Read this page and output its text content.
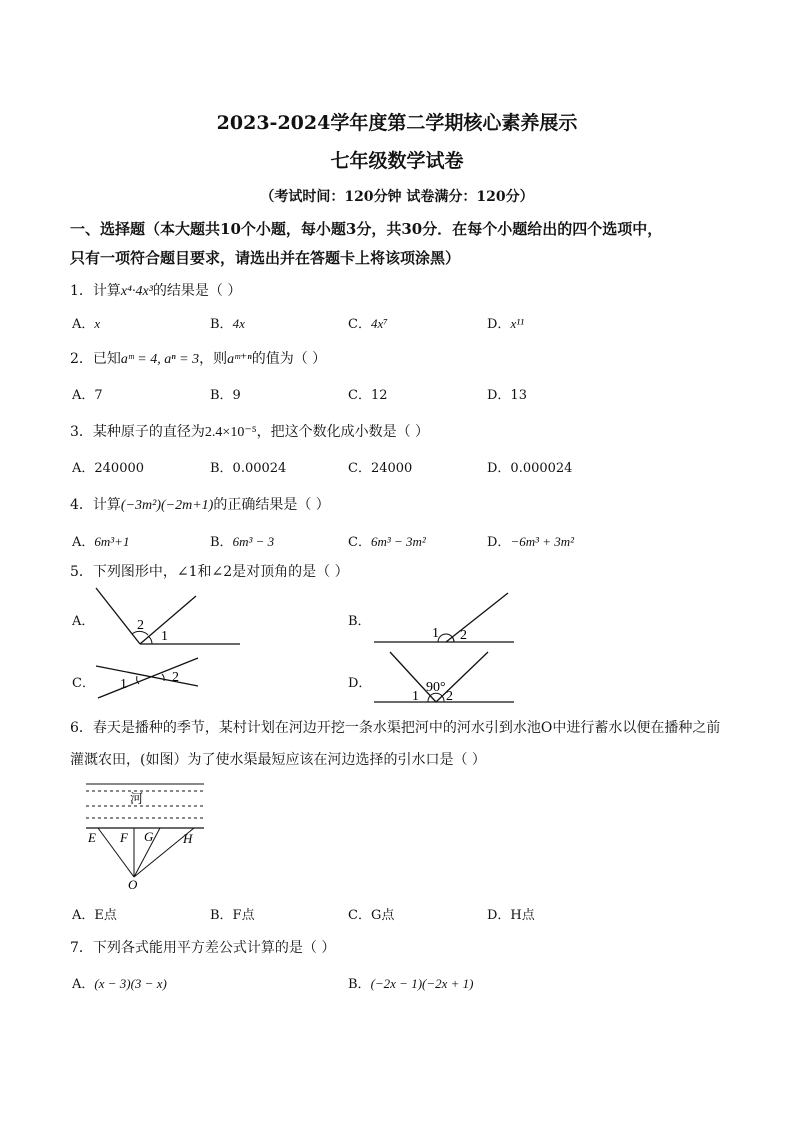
2023-2024学年度第二学期核心素养展示
七年级数学试卷
（考试时间：120分钟 试卷满分：120分）
一、选择题（本大题共10个小题，每小题3分，共30分．在每个小题给出的四个选项中，
只有一项符合题目要求，请选出并在答题卡上将该项涂黑）
1．计算x⁴·4x³的结果是（ ）
A．x	B．4x	C．4x⁷	D．x¹¹
2．已知aᵐ = 4, aⁿ = 3，则aᵐ⁺ⁿ的值为（ ）
A．7	B．9	C．12	D．13
3．某种原子的直径为2.4×10⁻⁵，把这个数化成小数是（ ）
A．240000	B．0.00024	C．24000	D．0.000024
4．计算(−3m²)(−2m+1)的正确结果是（ ）
A．6m³+1	B．6m³ − 3	C．6m³ − 3m²	D．−6m³ + 3m²
5．下列图形中，∠1和∠2是对顶角的是（ ）
A．	B．
C．	D．
2
1	1 2
1	2
90°
1 2
6．春天是播种的季节，某村计划在河边开挖一条水渠把河中的河水引到水池O中进行蓄水以便在播种之前
灌溉农田，(如图）为了使水渠最短应该在河边选择的引水口是（ ）
河
E F G H
O
A．E点	B．F点	C．G点	D．H点
7．下列各式能用平方差公式计算的是（ ）
A．(x − 3)(3 − x)	B．(−2x − 1)(−2x + 1)
